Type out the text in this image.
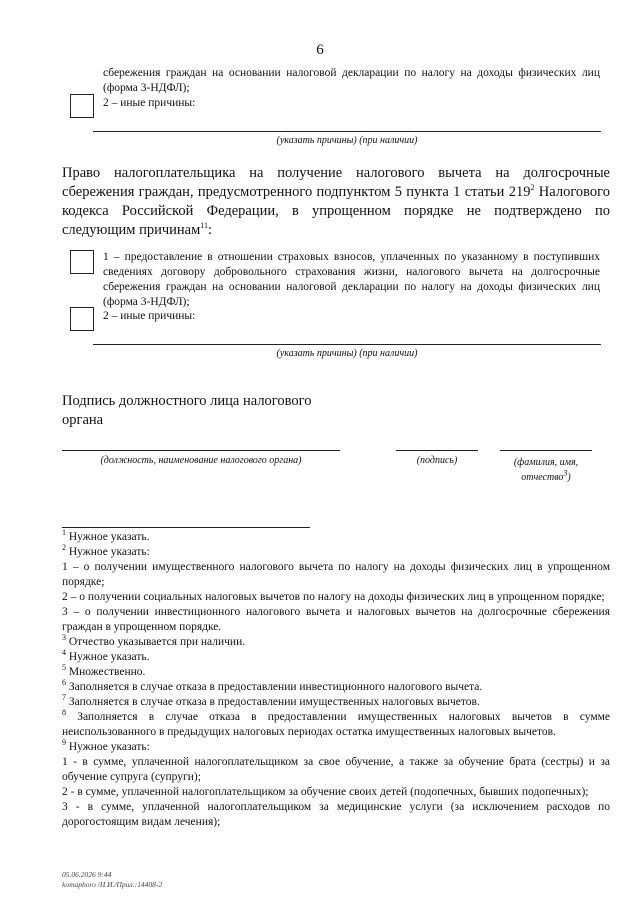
6
сбережения граждан на основании налоговой декларации по налогу на доходы физических лиц (форма 3-НДФЛ);
2 – иные причины:
(указать причины) (при наличии)
Право налогоплательщика на получение налогового вычета на долгосрочные сбережения граждан, предусмотренного подпунктом 5 пункта 1 статьи $219^2$ Налогового кодекса Российской Федерации, в упрощенном порядке не подтверждено по следующим причинам$^{11}$:
1 – предоставление в отношении страховых взносов, уплаченных по указанному в поступивших сведениях договору добровольного страхования жизни, налогового вычета на долгосрочные сбережения граждан на основании налоговой декларации по налогу на доходы физических лиц (форма 3-НДФЛ);
2 – иные причины:
(указать причины) (при наличии)
Подпись должностного лица налогового органа
(должность, наименование налогового органа)	(подпись)	(фамилия, имя, отчество$^3$)
$^1$ Нужное указать.
$^2$ Нужное указать:
1 – о получении имущественного налогового вычета по налогу на доходы физических лиц в упрощенном порядке;
2 – о получении социальных налоговых вычетов по налогу на доходы физических лиц в упрощенном порядке;
3 – о получении инвестиционного налогового вычета и налоговых вычетов на долгосрочные сбережения граждан в упрощенном порядке.
$^3$ Отчество указывается при наличии.
$^4$ Нужное указать.
$^5$ Множественно.
$^6$ Заполняется в случае отказа в предоставлении инвестиционного налогового вычета.
$^7$ Заполняется в случае отказа в предоставлении имущественных налоговых вычетов.
$^8$ Заполняется в случае отказа в предоставлении имущественных налоговых вычетов в сумме неиспользованного в предыдущих налоговых периодах остатка имущественных налоговых вычетов.
$^9$ Нужное указать:
1 - в сумме, уплаченной налогоплательщиком за свое обучение, а также за обучение брата (сестры) и за обучение супруга (супруги);
2 - в сумме, уплаченной налогоплательщиком за обучение своих детей (подопечных, бывших подопечных);
3 - в сумме, уплаченной налогоплательщиком за медицинские услуги (за исключением расходов по дорогостоящим видам лечения);
05.06.2026 9:44
komaphoro /Н.И./Прил.:14408-2
